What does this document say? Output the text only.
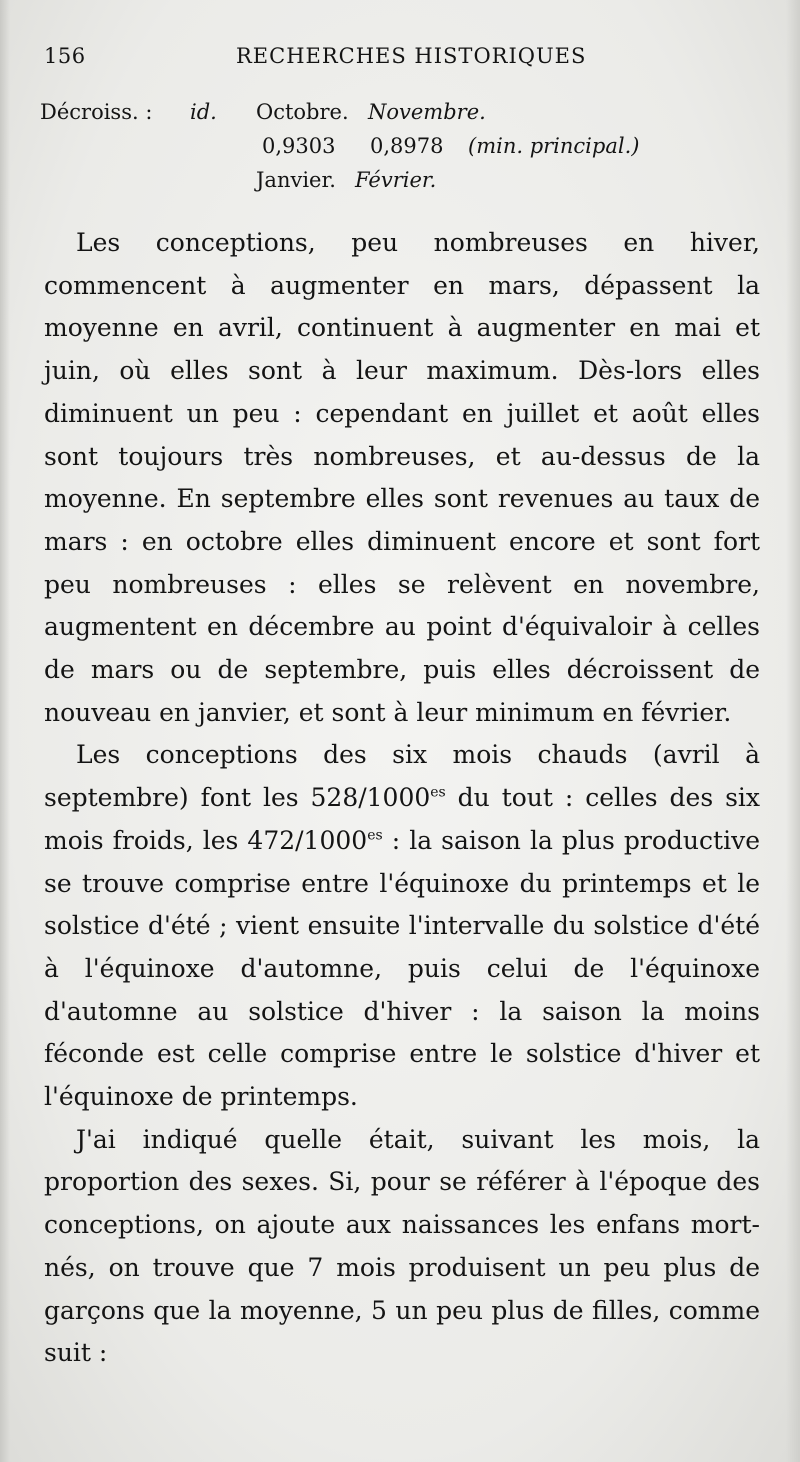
156	RECHERCHES HISTORIQUES
Décroiss. : id. Octobre. Novembre.
0,9303 0,8978 (min. principal.)
Janvier. Février.

Les conceptions, peu nombreuses en hiver, commencent à augmenter en mars, dépassent la moyenne en avril, continuent à augmenter en mai et juin, où elles sont à leur maximum. Dès-lors elles diminuent un peu : cependant en juillet et août elles sont toujours très nombreuses, et au-dessus de la moyenne. En septembre elles sont revenues au taux de mars : en octobre elles diminuent encore et sont fort peu nombreuses : elles se relèvent en novembre, augmentent en décembre au point d'équivaloir à celles de mars ou de septembre, puis elles décroissent de nouveau en janvier, et sont à leur minimum en février.

Les conceptions des six mois chauds (avril à septembre) font les $528/1000^{es}$ du tout : celles des six mois froids, les $472/1000^{es}$ : la saison la plus productive se trouve comprise entre l'équinoxe du printemps et le solstice d'été ; vient ensuite l'intervalle du solstice d'été à l'équinoxe d'automne, puis celui de l'équinoxe d'automne au solstice d'hiver : la saison la moins féconde est celle comprise entre le solstice d'hiver et l'équinoxe de printemps.

J'ai indiqué quelle était, suivant les mois, la proportion des sexes. Si, pour se référer à l'époque des conceptions, on ajoute aux naissances les enfans mort-nés, on trouve que 7 mois produisent un peu plus de garçons que la moyenne, 5 un peu plus de filles, comme suit :
